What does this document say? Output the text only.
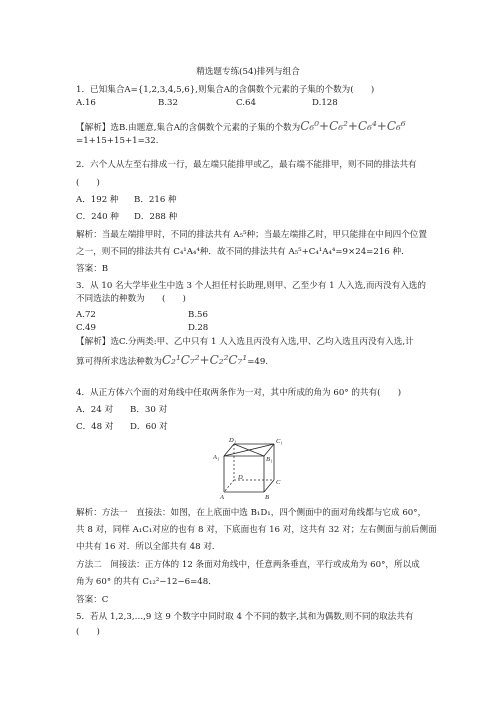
精选题专练(54)排列与组合
1．已知集合A={1,2,3,4,5,6},则集合A的含偶数个元素的子集的个数为(　　)
A.16	B.32	C.64	D.128
【解析】选B.由题意,集合A的含偶数个元素的子集的个数为C₆⁰+C₆²+C₆⁴+C₆⁶
=1+15+15+1=32.
2．六个人从左至右排成一行，最左端只能排甲或乙，最右端不能排甲，则不同的排法共有
(　　)
A．192 种 B．216 种
C．240 种 D．288 种
解析：当最左端排甲时，不同的排法共有 A₅⁵种；当最左端排乙时，甲只能排在中间四个位置
之一，则不同的排法共有 C₄¹A₄⁴种．故不同的排法共有 A₅⁵+C₄¹A₄⁴=9×24=216 种．
答案：B
3．从 10 名大学毕业生中选 3 个人担任村长助理,则甲、乙至少有 1 人入选,而丙没有入选的
不同选法的种数为　　(　　)
A.72	B.56
C.49	D.28
【解析】选C.分两类:甲、乙中只有 1 人入选且丙没有入选,甲、乙均入选且丙没有入选,计
算可得所求选法种数为C₂¹C₇²+C₂²C₇¹=49.
4．从正方体六个面的对角线中任取两条作为一对，其中所成的角为 60° 的共有(　　)
A．24 对 B．30 对
C．48 对 D．60 对
D₁	C₁
A₁	B₁
D
C
A	B
解析：方法一　直接法：如图，在上底面中选 B₁D₁，四个侧面中的面对角线都与它成 60°，
共 8 对，同样 A₁C₁对应的也有 8 对，下底面也有 16 对，这共有 32 对；左右侧面与前后侧面
中共有 16 对．所以全部共有 48 对．
方法二　间接法：正方体的 12 条面对角线中，任意两条垂直，平行或成角为 60°，所以成
角为 60° 的共有 C₁₂²−12−6=48．
答案：C
5．若从 1,2,3,…,9 这 9 个数字中同时取 4 个不同的数字,其和为偶数,则不同的取法共有
(　　)
